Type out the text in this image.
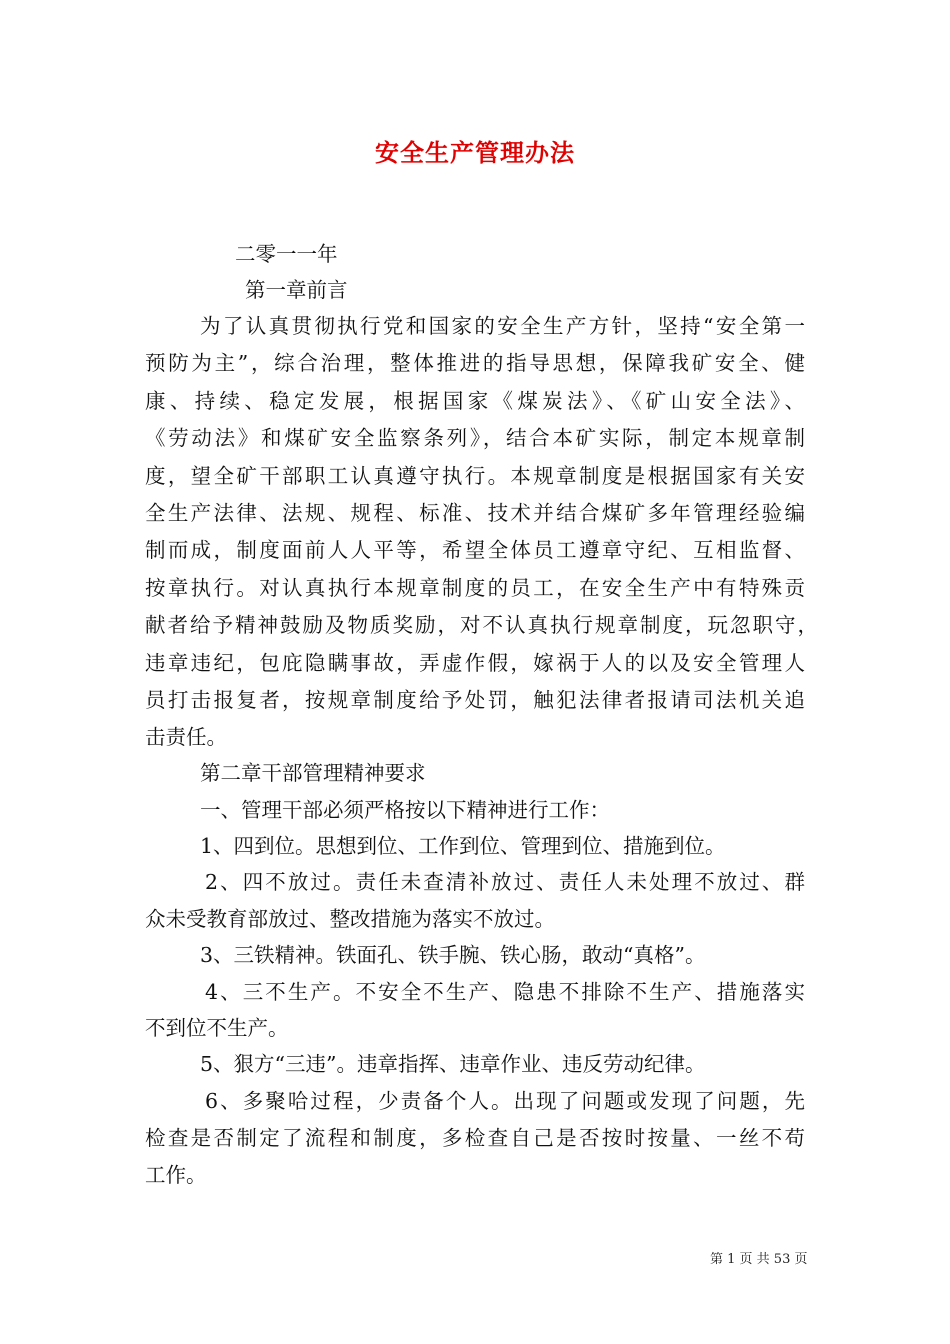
安全生产管理办法
二零一一年
第一章前言
为了认真贯彻执行党和国家的安全生产方针，坚持“安全第一
预防为主”，综合治理，整体推进的指导思想，保障我矿安全、健
康、持续、稳定发展，根据国家《煤炭法》、《矿山安全法》、
《劳动法》和煤矿安全监察条列》，结合本矿实际，制定本规章制
度，望全矿干部职工认真遵守执行。本规章制度是根据国家有关安
全生产法律、法规、规程、标准、技术并结合煤矿多年管理经验编
制而成，制度面前人人平等，希望全体员工遵章守纪、互相监督、
按章执行。对认真执行本规章制度的员工，在安全生产中有特殊贡
献者给予精神鼓励及物质奖励，对不认真执行规章制度，玩忽职守，
违章违纪，包庇隐瞒事故，弄虚作假，嫁祸于人的以及安全管理人
员打击报复者，按规章制度给予处罚，触犯法律者报请司法机关追
击责任。
第二章干部管理精神要求
一、管理干部必须严格按以下精神进行工作：
1、四到位。思想到位、工作到位、管理到位、措施到位。
2、四不放过。责任未查清补放过、责任人未处理不放过、群
众未受教育部放过、整改措施为落实不放过。
3、三铁精神。铁面孔、铁手腕、铁心肠，敢动“真格”。
4、三不生产。不安全不生产、隐患不排除不生产、措施落实
不到位不生产。
5、狠方“三违”。违章指挥、违章作业、违反劳动纪律。
6、多聚哈过程，少责备个人。出现了问题或发现了问题，先
检查是否制定了流程和制度，多检查自己是否按时按量、一丝不苟
工作。
第 1 页 共 53 页
